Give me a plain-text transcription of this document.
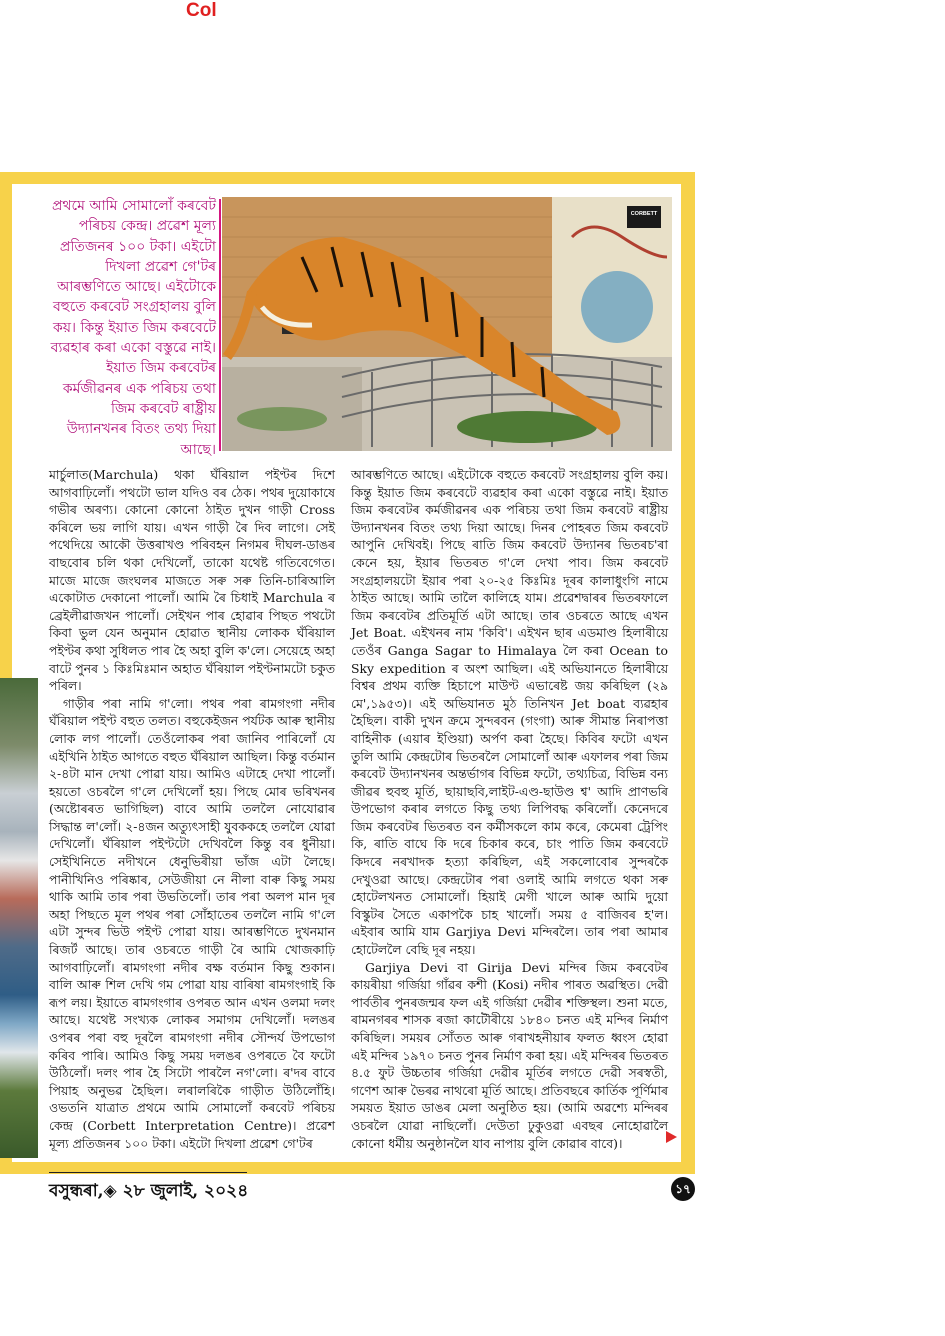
Col
প্ৰথমে আমি সোমালোঁ কৰবেট পৰিচয় কেন্দ্ৰ। প্ৰৱেশ মূল্য প্ৰতিজনৰ ১০০ টকা। এইটো দিখলা প্ৰৱেশ গে'টৰ আৰম্ভণিতে আছে। এইটোকে বহুতে কৰবেট সংগ্ৰহালয় বুলি কয়। কিন্তু ইয়াত জিম কৰবেটে ব্যৱহাৰ কৰা একো বস্তুৱে নাই। ইয়াত জিম কৰবেটৰ কৰ্মজীৱনৰ এক পৰিচয় তথা জিম কৰবেট ৰাষ্ট্ৰীয় উদ্যানখনৰ বিতং তথ্য দিয়া আছে।
CORBETT

মাৰ্চুলাত(Marchula) থকা ঘঁৰিয়াল পইণ্টৰ দিশে আগবাঢ়িলোঁ। পথটো ভাল যদিও বৰ ঠেক। পথৰ দুয়োকাষে গভীৰ অৰণ্য। কোনো কোনো ঠাইত দুখন গাড়ী Cross কৰিলে ভয় লাগি যায়। এখন গাড়ী ৰৈ দিব লাগে। সেই পথেদিয়ে আকৌ উত্তৰাখণ্ড পৰিবহন নিগমৰ দীঘল-ডাঙৰ বাছবোৰ চলি থকা দেখিলোঁ, তাকো যথেষ্ট গতিবেগেত। মাজে মাজে জংঘলৰ মাজতে সৰু সৰু তিনি-চাৰিআলি একোটাত দেকানো পালোঁ। আমি ৰৈ চিধাই Marchula ৰ ব্ৰেইলীৱাজখন পালোঁ। সেইখন পাৰ হোৱাৰ পিছত পথটো কিবা ভুল যেন অনুমান হোৱাত স্থানীয় লোকক ঘঁৰিয়াল পইণ্টৰ কথা সুধিলত পাৰ হৈ অহা বুলি ক'লে। সেয়েহে অহা বাটে পুনৰ ১ কিঃমিঃমান অহাত ঘঁৰিয়াল পইণ্টনামটো চকুত পৰিল।

গাড়ীৰ পৰা নামি গ'লো। পথৰ পৰা ৰামগংগা নদীৰ ঘঁৰিয়াল পইণ্ট বহুত তলত। বহুকেইজন পৰ্যটক আৰু স্থানীয় লোক লগ পালোঁ। তেওঁলোকৰ পৰা জানিব পাৰিলোঁ যে এইখিনি ঠাইত আগতে বহুত ঘঁৰিয়াল আছিল। কিন্তু বৰ্তমান ২-৪টা মান দেখা পোৱা যায়। আমিও এটাহে দেখা পালোঁ। হয়তো ওচৰলৈ গ'লে দেখিলোঁ হয়। পিছে মোৰ ভৰিখনৰ (অষ্টোৰৰত ভাগিছিল) বাবে আমি তললৈ নোযোৱাৰ সিদ্ধান্ত ল'লোঁ। ২-৪জন অত্যুৎসাহী যুবককহে তললৈ যোৱা দেখিলোঁ। ঘঁৰিয়াল পইণ্টটো দেখিবলৈ কিন্তু বৰ ধুনীয়া। সেইখিনিতে নদীখনে ধেনুভিৰীয়া ভাঁজ এটা লৈছে। পানীখিনিও পৰিষ্কাৰ, সেউজীয়া নে নীলা বাৰু কিছু সময় থাকি আমি তাৰ পৰা উভতিলোঁ। তাৰ পৰা অলপ মান দূৰ অহা পিছতে মূল পথৰ পৰা সোঁহাতেৰ তললৈ নামি গ'লে এটা সুন্দৰ ভিউ পইণ্ট পোৱা যায়। আৰম্ভণিতে দুখনমান ৰিজৰ্ট আছে। তাৰ ওচৰতে গাড়ী ৰৈ আমি খোজকাঢ়ি আগবাঢ়িলোঁ। ৰামগংগা নদীৰ বক্ষ বৰ্তমান কিছু শুকান। বালি আৰু শিল দেখি গম পোৱা যায় বাৰিষা ৰামগংগাই কি ৰূপ লয়। ইয়াতে ৰামগংগাৰ ওপৰত আন এখন ওলমা দলং আছে। যথেষ্ট সংখ্যক লোকৰ সমাগম দেখিলোঁ। দলঙৰ ওপৰৰ পৰা বহু দূৰলৈ ৰামগংগা নদীৰ সৌন্দৰ্য উপভোগ কৰিব পাৰি। আমিও কিছু সময় দলঙৰ ওপৰতে বৈ ফটো উঠিলোঁ। দলং পাৰ হৈ সিটো পাৰলৈ নগ'লো। ৰ'দৰ বাবে পিয়াহ অনুভৱ হৈছিল। লৰালৰিকৈ গাড়ীত উঠিলোঁহি। ওভতনি যাত্ৰাত প্ৰথমে আমি সোমালোঁ কৰবেট পৰিচয় কেন্দ্ৰ (Corbett Interpretation Centre)। প্ৰৱেশ মূল্য প্ৰতিজনৰ ১০০ টকা। এইটো দিখলা প্ৰৱেশ গে'টৰ

আৰম্ভণিতে আছে। এইটোকে বহুতে কৰবেট সংগ্ৰহালয় বুলি কয়। কিন্তু ইয়াত জিম কৰবেটে ব্যৱহাৰ কৰা একো বস্তুৱে নাই। ইয়াত জিম কৰবেটৰ কৰ্মজীৱনৰ এক পৰিচয় তথা জিম কৰবেট ৰাষ্ট্ৰীয় উদ্যানখনৰ বিতং তথ্য দিয়া আছে। দিনৰ পোহৰত জিম কৰবেট আপুনি দেখিবই। পিছে ৰাতি জিম কৰবেট উদ্যানৰ ভিতৰচ'ৰা কেনে হয়, ইয়াৰ ভিতৰত গ'লে দেখা পাব। জিম কৰবেট সংগ্ৰহালয়টো ইয়াৰ পৰা ২০-২৫ কিঃমিঃ দূৰৰ কালাধুংগি নামে ঠাইত আছে। আমি তালৈ কালিহে যাম। প্ৰৱেশদ্বাৰৰ ভিতৰফালে জিম কৰবেটৰ প্ৰতিমূৰ্তি এটা আছে। তাৰ ওচৰতে আছে এখন Jet Boat. এইখনৰ নাম 'কিবি'। এইখন ছাৰ এডমাণ্ড হিলাৰীয়ে তেওঁৰ Ganga Sagar to Himalaya লৈ কৰা Ocean to Sky expedition ৰ অংশ আছিল। এই অভিযানতে হিলাৰীয়ে বিশ্বৰ প্ৰথম ব্যক্তি হিচাপে মাউণ্ট এভাৰেষ্ট জয় কৰিছিল (২৯ মে',১৯৫৩)। এই অভিযানত মুঠ তিনিখন Jet boat ব্যৱহাৰ হৈছিল। বাকী দুখন ক্ৰমে সুন্দৰবন (গংগা) আৰু সীমান্ত নিৰাপত্তা বাহিনীক (এয়াৰ ইণ্ডিয়া) অৰ্পণ কৰা হৈছে। কিবিৰ ফটো এখন তুলি আমি কেন্দ্ৰটোৰ ভিতৰলৈ সোমালোঁ আৰু এফালৰ পৰা জিম কৰবেট উদ্যানখনৰ অন্তৰ্ভাগৰ বিভিন্ন ফটো, তথ্যচিত্ৰ, বিভিন্ন বন্য জীৱৰ হুবহু মূৰ্তি, ছায়াছবি,লাইট-এণ্ড-ছাউণ্ড শ্ব' আদি প্ৰাণভৰি উপভোগ কৰাৰ লগতে কিছু তথ্য লিপিবদ্ধ কৰিলোঁ। কেনেদৰে জিম কৰবেটৰ ভিতৰত বন কৰ্মীসকলে কাম কৰে, কেমেৰা ট্ৰেপিং কি, ৰাতি বাঘে কি দৰে চিকাৰ কৰে, চাং পাতি জিম কৰবেটে কিদৰে নৰখাদক হত্যা কৰিছিল, এই সকলোবোৰ সুন্দৰকৈ দেখুওৱা আছে। কেন্দ্ৰটোৰ পৰা ওলাই আমি লগতে থকা সৰু হোটেলখনত সোমালোঁ। হিয়াই মেগী খালে আৰু আমি দুয়ো বিস্কুটৰ সৈতে একাপকৈ চাহ খালোঁ। সময় ৫ বাজিবৰ হ'ল। এইবাৰ আমি যাম Garjiya Devi মন্দিৰলৈ। তাৰ পৰা আমাৰ হোটেললৈ বেছি দূৰ নহয়।

Garjiya Devi বা Girija Devi মন্দিৰ জিম কৰবেটৰ কায়ৰীয়া গৰ্জিয়া গাঁৱৰ কশী (Kosi) নদীৰ পাৰত অৱস্থিত। দেৱী পাৰ্বতীৰ পুনৰজন্মৰ ফল এই গৰ্জিয়া দেৱীৰ শক্তিস্থল। শুনা মতে, ৰামনগৰৰ শাসক ৰজা কাটৌৰীয়ে ১৮৪০ চনত এই মন্দিৰ নিৰ্মাণ কৰিছিল। সময়ৰ সোঁতত আৰু গৰাখহনীয়াৰ ফলত ধ্বংস হোৱা এই মন্দিৰ ১৯৭০ চনত পুনৰ নিৰ্মাণ কৰা হয়। এই মন্দিৰৰ ভিতৰত ৪.৫ ফুট উচ্চতাৰ গৰ্জিয়া দেৱীৰ মূৰ্তিৰ লগতে দেৱী সৰস্বতী, গণেশ আৰু ভৈৰৱ নাথৰো মূৰ্তি আছে। প্ৰতিবছৰে কাৰ্তিক পূৰ্ণিমাৰ সময়ত ইয়াত ডাঙৰ মেলা অনুষ্ঠিত হয়। (আমি অৱশ্যে মন্দিৰৰ ওচৰলৈ যোৱা নাছিলোঁ। দেউতা ঢুকুওৱা এবছৰ নোহোৱালৈ কোনো ধৰ্মীয় অনুষ্ঠানলৈ যাব নাপায় বুলি কোৱাৰ বাবে)।

বসুন্ধৰা,◈ ২৮ জুলাই, ২০২৪	১৭
